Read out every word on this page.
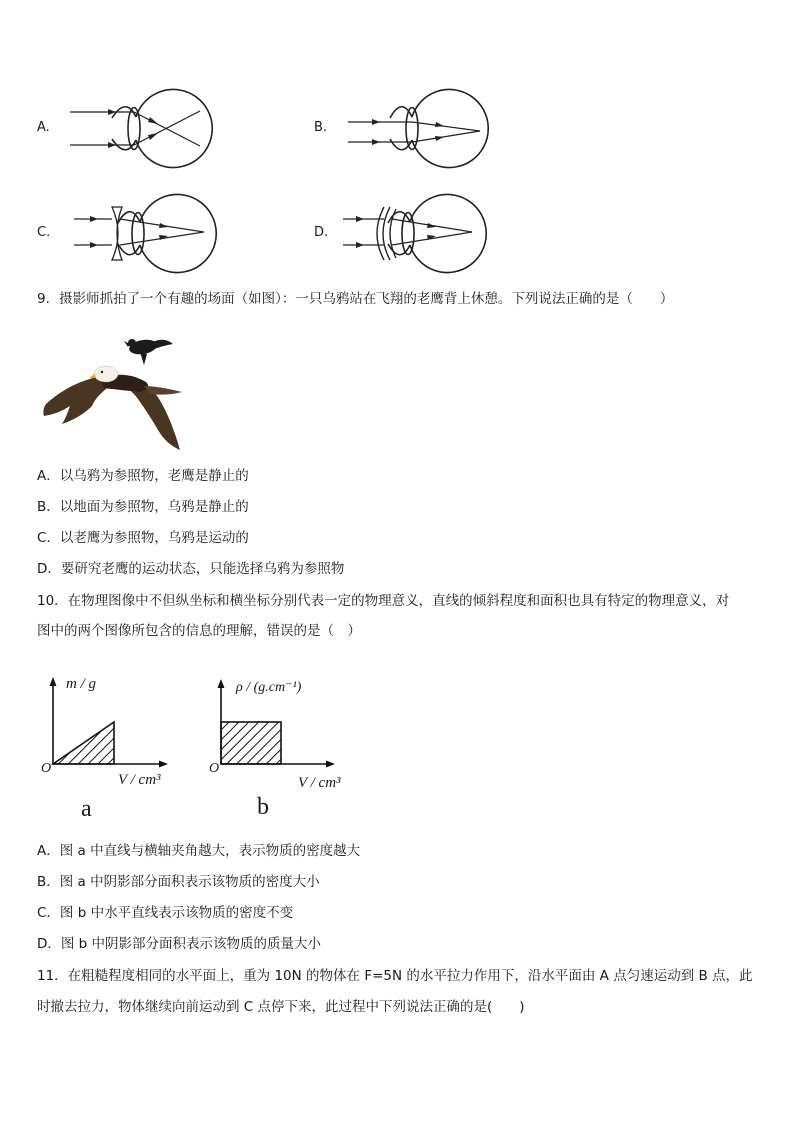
A.	B.
C.	D.
9．摄影师抓拍了一个有趣的场面（如图）：一只乌鸦站在飞翔的老鹰背上休憩。下列说法正确的是（　　）
A．以乌鸦为参照物，老鹰是静止的
B．以地面为参照物，乌鸦是静止的
C．以老鹰为参照物，乌鸦是运动的
D．要研究老鹰的运动状态，只能选择乌鸦为参照物
10．在物理图像中不但纵坐标和横坐标分别代表一定的物理意义，直线的倾斜程度和面积也具有特定的物理意义，对
图中的两个图像所包含的信息的理解，错误的是（　）
m / g
O
V / cm³
a
ρ / (g.cm⁻¹)
O
V / cm³
b
A．图 a 中直线与横轴夹角越大，表示物质的密度越大
B．图 a 中阴影部分面积表示该物质的密度大小
C．图 b 中水平直线表示该物质的密度不变
D．图 b 中阴影部分面积表示该物质的质量大小
11．在粗糙程度相同的水平面上，重为 10N 的物体在 F=5N 的水平拉力作用下，沿水平面由 A 点匀速运动到 B 点，此
时撤去拉力，物体继续向前运动到 C 点停下来，此过程中下列说法正确的是(　　)
